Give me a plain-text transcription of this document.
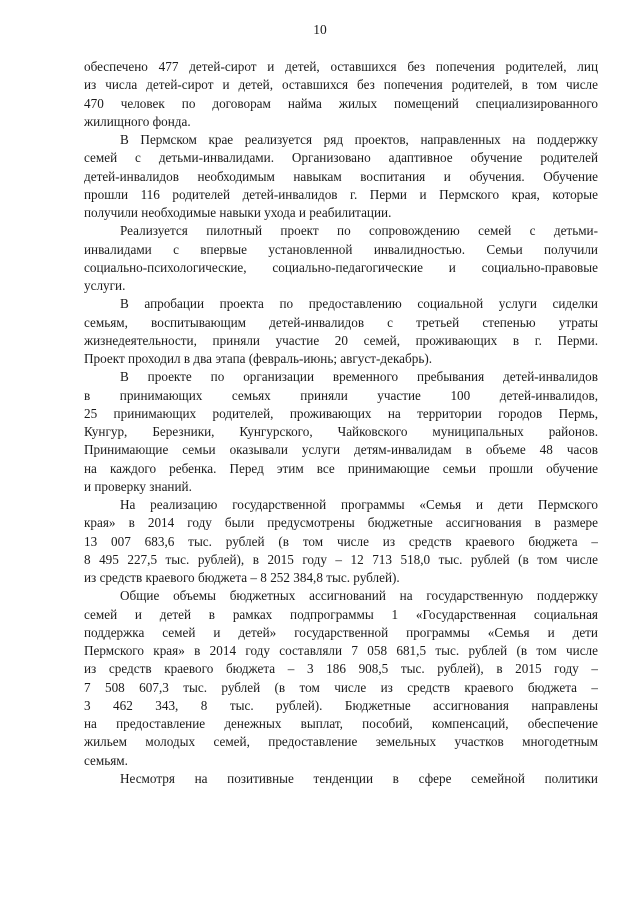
10
обеспечено 477 детей-сирот и детей, оставшихся без попечения родителей, лиц
из числа детей-сирот и детей, оставшихся без попечения родителей, в том числе
470 человек по договорам найма жилых помещений специализированного
жилищного фонда.
В Пермском крае реализуется ряд проектов, направленных на поддержку
семей с детьми-инвалидами. Организовано адаптивное обучение родителей
детей-инвалидов необходимым навыкам воспитания и обучения. Обучение
прошли 116 родителей детей-инвалидов г. Перми и Пермского края, которые
получили необходимые навыки ухода и реабилитации.
Реализуется пилотный проект по сопровождению семей с детьми-
инвалидами с впервые установленной инвалидностью. Семьи получили
социально-психологические, социально-педагогические и социально-правовые
услуги.
В апробации проекта по предоставлению социальной услуги сиделки
семьям, воспитывающим детей-инвалидов с третьей степенью утраты
жизнедеятельности, приняли участие 20 семей, проживающих в г. Перми.
Проект проходил в два этапа (февраль-июнь; август-декабрь).
В проекте по организации временного пребывания детей-инвалидов
в принимающих семьях приняли участие 100 детей-инвалидов,
25 принимающих родителей, проживающих на территории городов Пермь,
Кунгур, Березники, Кунгурского, Чайковского муниципальных районов.
Принимающие семьи оказывали услуги детям-инвалидам в объеме 48 часов
на каждого ребенка. Перед этим все принимающие семьи прошли обучение
и проверку знаний.
На реализацию государственной программы «Семья и дети Пермского
края» в 2014 году были предусмотрены бюджетные ассигнования в размере
13 007 683,6 тыс. рублей (в том числе из средств краевого бюджета –
8 495 227,5 тыс. рублей), в 2015 году – 12 713 518,0 тыс. рублей (в том числе
из средств краевого бюджета – 8 252 384,8 тыс. рублей).
Общие объемы бюджетных ассигнований на государственную поддержку
семей и детей в рамках подпрограммы 1 «Государственная социальная
поддержка семей и детей» государственной программы «Семья и дети
Пермского края» в 2014 году составляли 7 058 681,5 тыс. рублей (в том числе
из средств краевого бюджета – 3 186 908,5 тыс. рублей), в 2015 году –
7 508 607,3 тыс. рублей (в том числе из средств краевого бюджета –
3 462 343, 8 тыс. рублей). Бюджетные ассигнования направлены
на предоставление денежных выплат, пособий, компенсаций, обеспечение
жильем молодых семей, предоставление земельных участков многодетным
семьям.
Несмотря на позитивные тенденции в сфере семейной политики
